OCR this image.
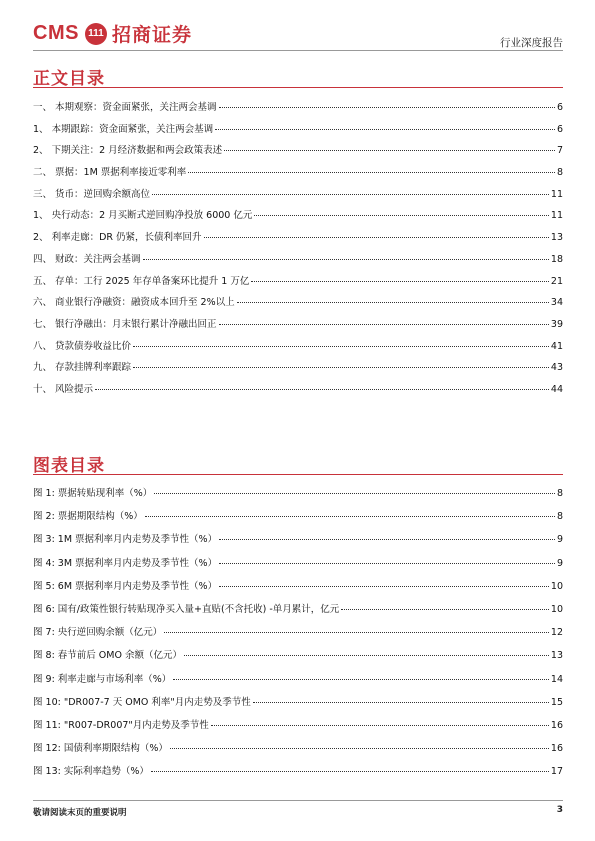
CMS 111 招商证券	行业深度报告
正文目录
一、 本期观察：资金面紧张，关注两会基调	6
1、 本期跟踪：资金面紧张，关注两会基调	6
2、 下期关注：2 月经济数据和两会政策表述	7
二、 票据：1M 票据利率接近零利率	8
三、 货币：逆回购余额高位	11
1、 央行动态：2 月买断式逆回购净投放 6000 亿元	11
2、 利率走廊：DR 仍紧，长债利率回升	13
四、 财政：关注两会基调	18
五、 存单：工行 2025 年存单备案环比提升 1 万亿	21
六、 商业银行净融资：融资成本回升至 2%以上	34
七、 银行净融出：月末银行累计净融出回正	39
八、 贷款债券收益比价	41
九、 存款挂牌利率跟踪	43
十、 风险提示	44
图表目录
图 1: 票据转贴现利率（%）	8
图 2: 票据期限结构（%）	8
图 3: 1M 票据利率月内走势及季节性（%）	9
图 4: 3M 票据利率月内走势及季节性（%）	9
图 5: 6M 票据利率月内走势及季节性（%）	10
图 6: 国有/政策性银行转贴现净买入量+直贴(不含托收) -单月累计，亿元	10
图 7: 央行逆回购余额（亿元）	12
图 8: 春节前后 OMO 余额（亿元）	13
图 9: 利率走廊与市场利率（%）	14
图 10: "DR007-7 天 OMO 利率"月内走势及季节性	15
图 11: "R007-DR007"月内走势及季节性	16
图 12: 国债利率期限结构（%）	16
图 13: 实际利率趋势（%）	17
敬请阅读末页的重要说明	3
